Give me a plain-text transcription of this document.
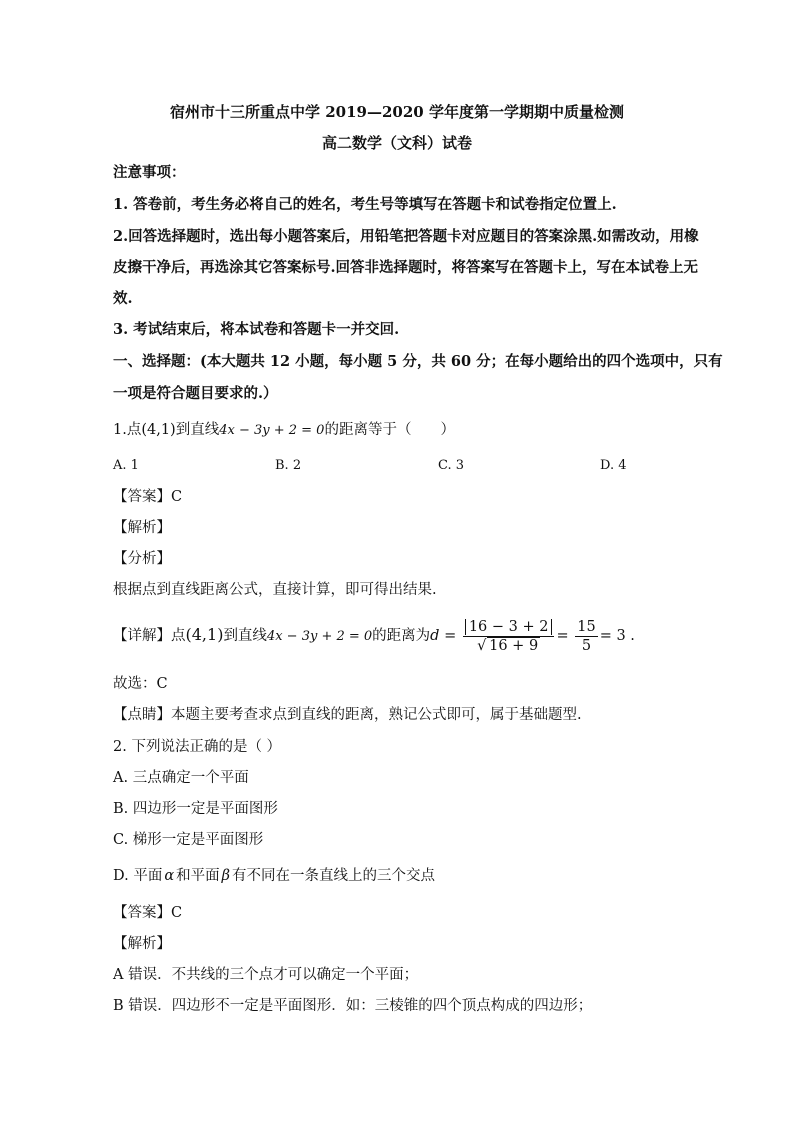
宿州市十三所重点中学 2019—2020 学年度第一学期期中质量检测
高二数学（文科）试卷
注意事项：
1. 答卷前，考生务必将自己的姓名，考生号等填写在答题卡和试卷指定位置上.
2.回答选择题时，选出每小题答案后，用铅笔把答题卡对应题目的答案涂黑.如需改动，用橡
皮擦干净后，再选涂其它答案标号.回答非选择题时，将答案写在答题卡上，写在本试卷上无
效.
3. 考试结束后，将本试卷和答题卡一并交回.
一、选择题：(本大题共 12 小题，每小题 5 分，共 60 分；在每小题给出的四个选项中，只有
一项是符合题目要求的.）
1.点(4,1)到直线4x − 3y + 2 = 0的距离等于（　　）
A. 1	B. 2	C. 3	D. 4
【答案】C
【解析】
【分析】
根据点到直线距离公式，直接计算，即可得出结果.
【详解】点(4,1)到直线4x − 3y + 2 = 0的距离为d = 16 − 3 + 2
√ $16 + 9 = \frac{15}{5} = 3$ .
故选：C
【点睛】本题主要考查求点到直线的距离，熟记公式即可，属于基础题型.
2. 下列说法正确的是（ ）
A. 三点确定一个平面
B. 四边形一定是平面图形
C. 梯形一定是平面图形
D. 平面 α 和平面 β 有不同在一条直线上的三个交点
【答案】C
【解析】
A 错误．不共线的三个点才可以确定一个平面；
B 错误．四边形不一定是平面图形．如：三棱锥的四个顶点构成的四边形；
